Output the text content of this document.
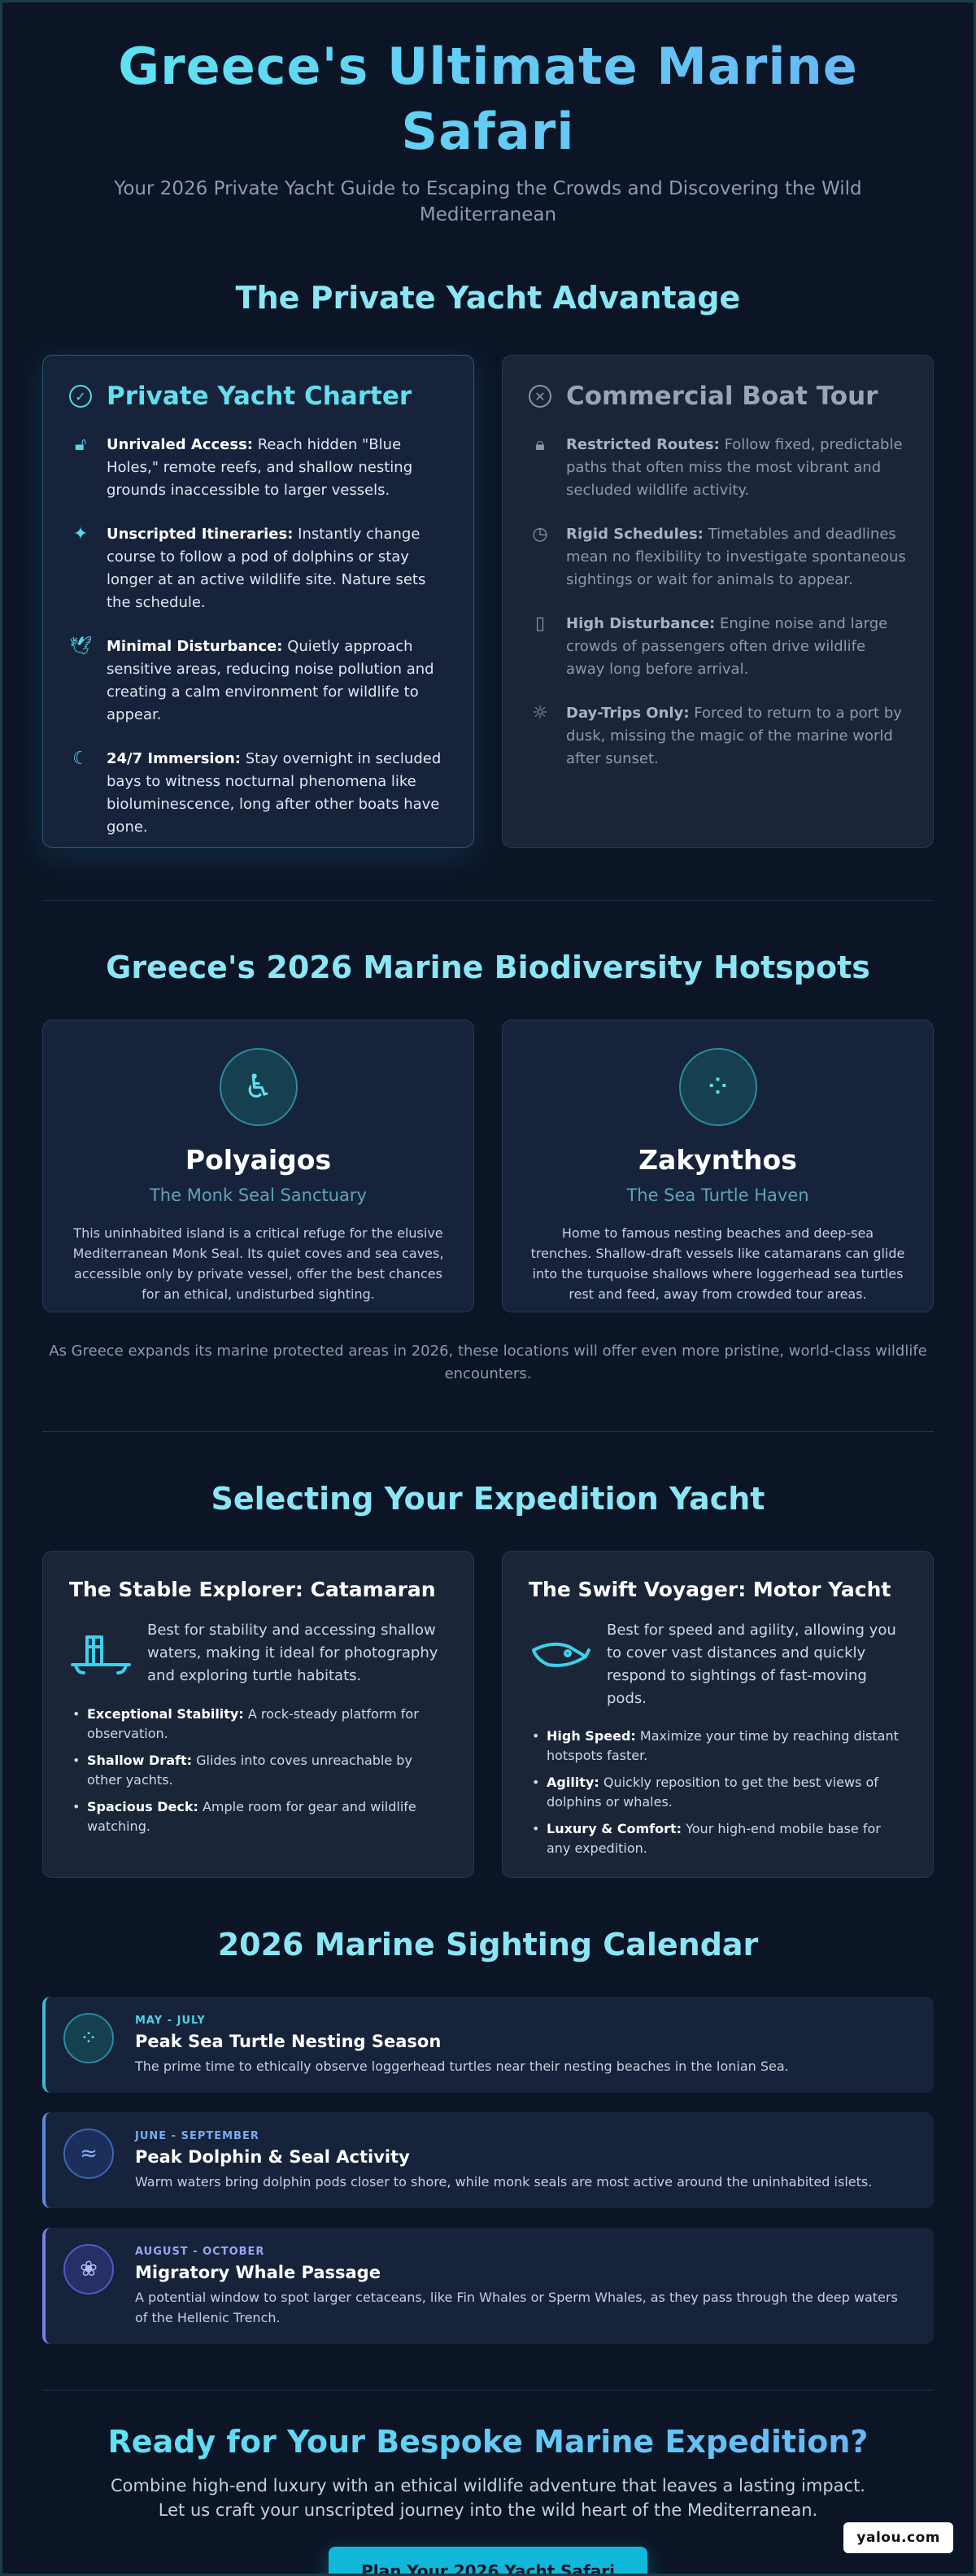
Greece's Ultimate Marine Safari

Your 2026 Private Yacht Guide to Escaping the Crowds and Discovering the Wild Mediterranean

The Private Yacht Advantage
✓ Private Yacht Charter
🔓︎	Unrivaled Access: Reach hidden "Blue Holes," remote reefs, and shallow nesting grounds inaccessible to larger vessels.
✦ Unscripted Itineraries: Instantly change course to follow a pod of dolphins or stay longer at an active wildlife site. Nature sets the schedule.
🕊︎ Minimal Disturbance: Quietly approach sensitive areas, reducing noise pollution and creating a calm environment for wildlife to appear.
☾ 24/7 Immersion: Stay overnight in secluded bays to witness nocturnal phenomena like bioluminescence, long after other boats have gone.
✕ Commercial Boat Tour
🔒︎	Restricted Routes: Follow fixed, predictable paths that often miss the most vibrant and secluded wildlife activity.
◷ Rigid Schedules: Timetables and deadlines mean no flexibility to investigate spontaneous sightings or wait for animals to appear.
▯	High Disturbance: Engine noise and large crowds of passengers often drive wildlife away long before arrival.
☼ Day-Trips Only: Forced to return to a port by dusk, missing the magic of the marine world after sunset.
Greece's 2026 Marine Biodiversity Hotspots
♿︎
Polyaigos
The Monk Seal Sanctuary

This uninhabited island is a critical refuge for the elusive Mediterranean Monk Seal. Its quiet coves and sea caves, accessible only by private vessel, offer the best chances for an ethical, undisturbed sighting.

⁘
Zakynthos
The Sea Turtle Haven

Home to famous nesting beaches and deep-sea trenches. Shallow-draft vessels like catamarans can glide into the turquoise shallows where loggerhead sea turtles rest and feed, away from crowded tour areas.

As Greece expands its marine protected areas in 2026, these locations will offer even more pristine, world-class wildlife encounters.

Selecting Your Expedition Yacht
The Stable Explorer: Catamaran
Best for stability and accessing shallow waters, making it ideal for photography and exploring turtle habitats.
• Exceptional Stability: A rock-steady platform for observation.
• Shallow Draft: Glides into coves unreachable by other yachts.
• Spacious Deck: Ample room for gear and wildlife watching.
The Swift Voyager: Motor Yacht
Best for speed and agility, allowing you to cover vast distances and quickly respond to sightings of fast-moving pods.
• High Speed: Maximize your time by reaching distant hotspots faster.
• Agility: Quickly reposition to get the best views of dolphins or whales.
• Luxury & Comfort: Your high-end mobile base for any expedition.
2026 Marine Sighting Calendar
⁘
MAY - JULY
Peak Sea Turtle Nesting Season

The prime time to ethically observe loggerhead turtles near their nesting beaches in the Ionian Sea.

≈
JUNE - SEPTEMBER
Peak Dolphin & Seal Activity

Warm waters bring dolphin pods closer to shore, while monk seals are most active around the uninhabited islets.

❀
AUGUST - OCTOBER
Migratory Whale Passage

A potential window to spot larger cetaceans, like Fin Whales or Sperm Whales, as they pass through the deep waters of the Hellenic Trench.

Ready for Your Bespoke Marine Expedition?

Combine high-end luxury with an ethical wildlife adventure that leaves a lasting impact.
Let us craft your unscripted journey into the wild heart of the Mediterranean.

Plan Your 2026 Yacht Safari
yalou.com
